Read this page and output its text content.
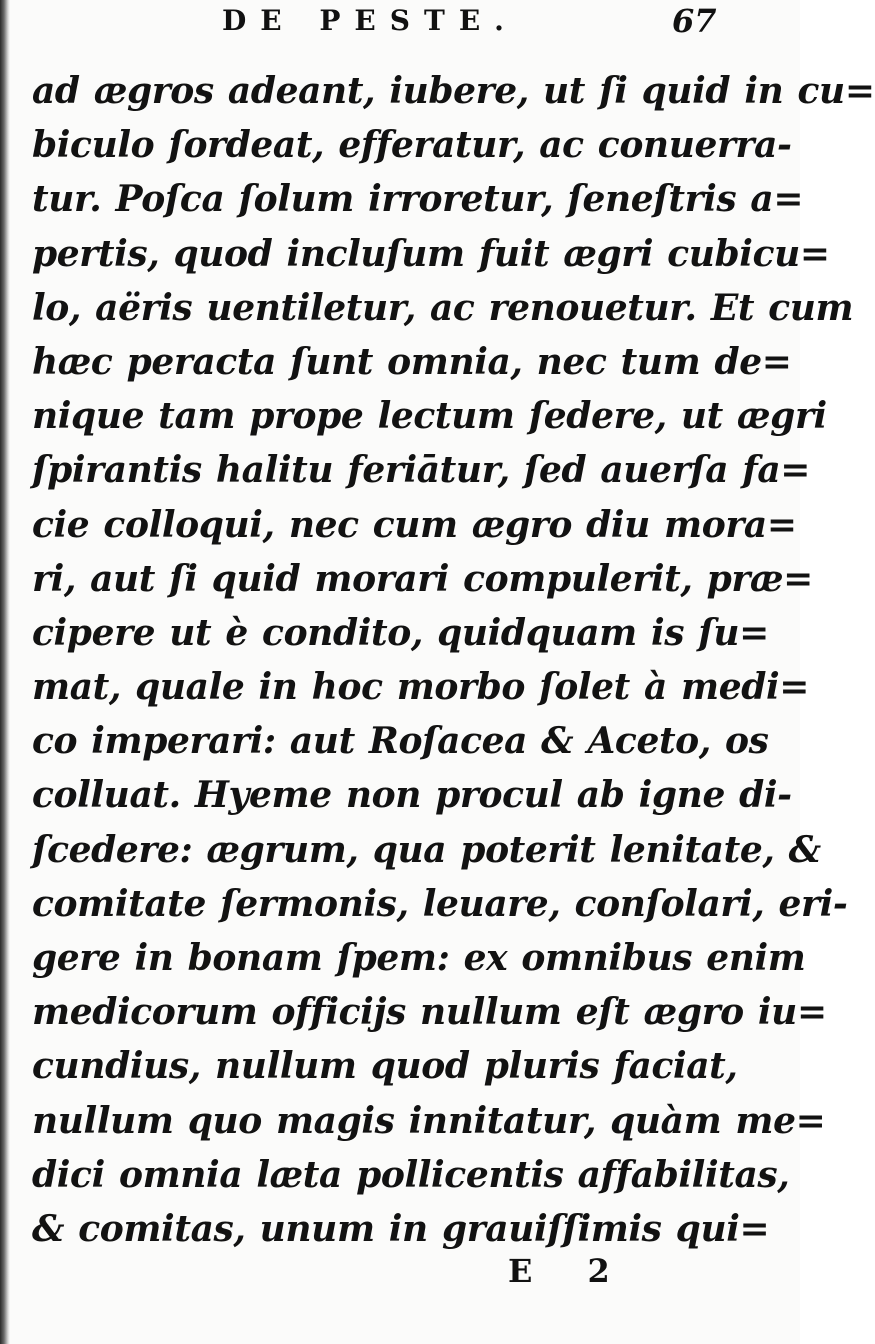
DE PESTE.	67
ad ægros adeant, iubere, ut ſi quid in cu=
biculo ſordeat, efferatur, ac conuerra-
tur. Poſca ſolum irroretur, ſeneſtris a=
pertis, quod incluſum fuit ægri cubicu=
lo, aëris uentiletur, ac renouetur. Et cum
hæc peracta ſunt omnia, nec tum de=
nique tam prope lectum ſedere, ut ægri
ſpirantis halitu feriātur, ſed auerſa fa=
cie colloqui, nec cum ægro diu mora=
ri, aut ſi quid morari compulerit, præ=
cipere ut è condito, quidquam is ſu=
mat, quale in hoc morbo ſolet à medi=
co imperari: aut Roſacea & Aceto, os
colluat. Hyeme non procul ab igne di-
ſcedere: ægrum, qua poterit lenitate, &
comitate ſermonis, leuare, conſolari, eri-
gere in bonam ſpem: ex omnibus enim
medicorum officijs nullum eſt ægro iu=
cundius, nullum quod pluris faciat,
nullum quo magis innitatur, quàm me=
dici omnia læta pollicentis affabilitas,
& comitas, unum in grauiſſimis qui=
E 2
